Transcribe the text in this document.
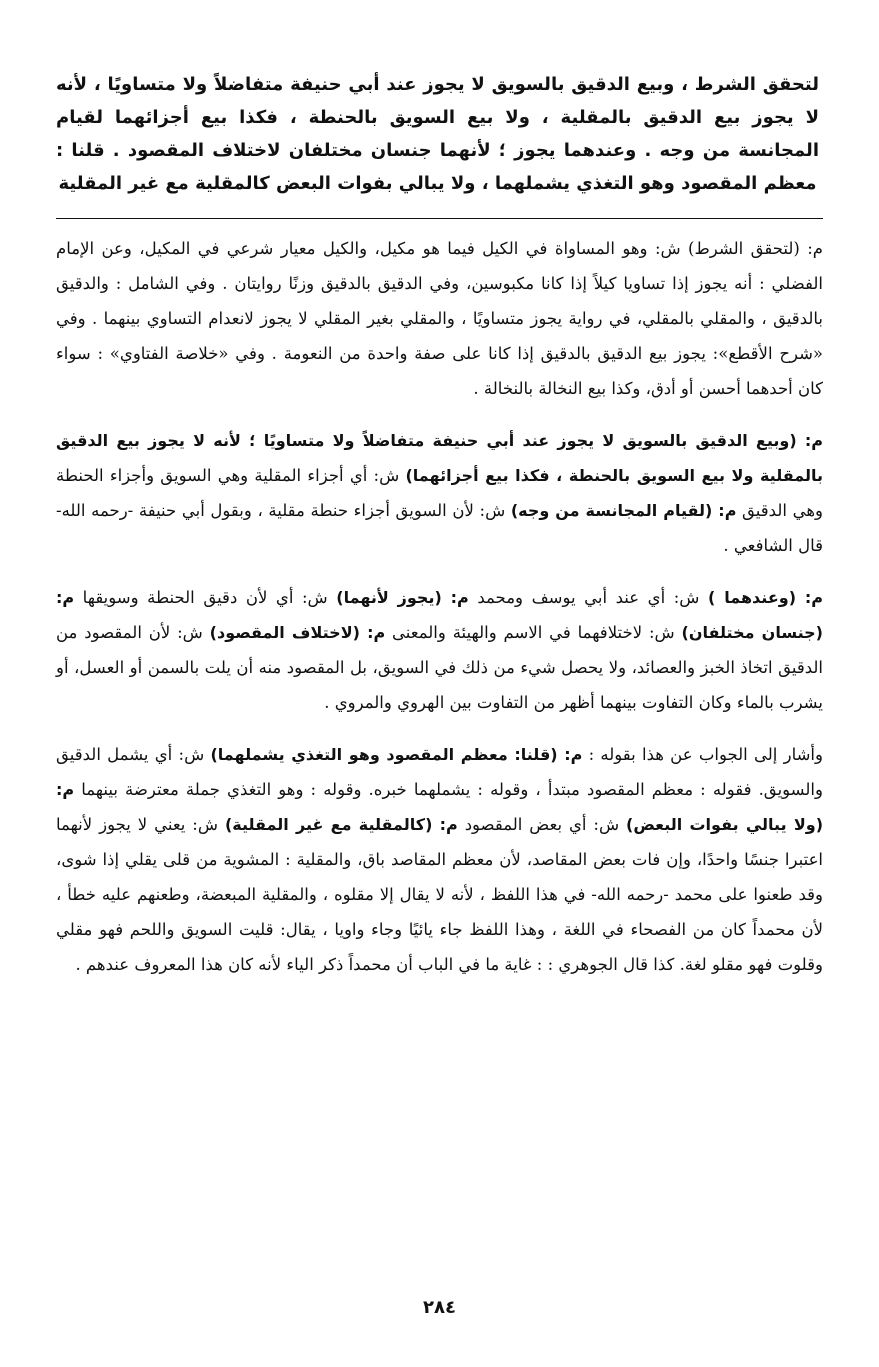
لتحقق الشرط ، وبيع الدقيق بالسويق لا يجوز عند أبي حنيفة متفاضلاً ولا متساويًا ، لأنه لا يجوز بيع الدقيق بالمقلية ، ولا بيع السويق بالحنطة ، فكذا بيع أجزائهما لقيام المجانسة من وجه . وعندهما يجوز ؛ لأنهما جنسان مختلفان لاختلاف المقصود . قلنا : معظم المقصود وهو التغذي يشملهما ، ولا يبالي بفوات البعض كالمقلية مع غير المقلية

م: (لتحقق الشرط) ش: وهو المساواة في الكيل فيما هو مكيل، والكيل معيار شرعي في المكيل، وعن الإمام الفضلي : أنه يجوز إذا تساويا كيلاً إذا كانا مكبوسين، وفي الدقيق بالدقيق وزنًا روايتان . وفي الشامل : والدقيق بالدقيق ، والمقلي بالمقلي، في رواية يجوز متساويًا ، والمقلي بغير المقلي لا يجوز لانعدام التساوي بينهما . وفي «شرح الأقطع»: يجوز بيع الدقيق بالدقيق إذا كانا على صفة واحدة من النعومة . وفي «خلاصة الفتاوي» : سواء كان أحدهما أحسن أو أدق، وكذا بيع النخالة بالنخالة .

م: (وبيع الدقيق بالسويق لا يجوز عند أبي حنيفة متفاضلاً ولا متساويًا ؛ لأنه لا يجوز بيع الدقيق بالمقلية ولا بيع السويق بالحنطة ، فكذا بيع أجزائهما) ش: أي أجزاء المقلية وهي السويق وأجزاء الحنطة وهي الدقيق م: (لقيام المجانسة من وجه) ش: لأن السويق أجزاء حنطة مقلية ، وبقول أبي حنيفة -رحمه الله- قال الشافعي .

م: (وعندهما ) ش: أي عند أبي يوسف ومحمد م: (يجوز لأنهما) ش: أي لأن دقيق الحنطة وسويقها م: (جنسان مختلفان) ش: لاختلافهما في الاسم والهيئة والمعنى م: (لاختلاف المقصود) ش: لأن المقصود من الدقيق اتخاذ الخبز والعصائد، ولا يحصل شيء من ذلك في السويق، بل المقصود منه أن يلت بالسمن أو العسل، أو يشرب بالماء وكان التفاوت بينهما أظهر من التفاوت بين الهروي والمروي .

وأشار إلى الجواب عن هذا بقوله : م: (قلنا: معظم المقصود وهو التغذي يشملهما) ش: أي يشمل الدقيق والسويق. فقوله : معظم المقصود مبتدأ ، وقوله : يشملهما خبره. وقوله : وهو التغذي جملة معترضة بينهما م: (ولا يبالي بفوات البعض) ش: أي بعض المقصود م: (كالمقلية مع غير المقلية) ش: يعني لا يجوز لأنهما اعتبرا جنسًا واحدًا، وإن فات بعض المقاصد، لأن معظم المقاصد باق، والمقلية : المشوية من قلى يقلي إذا شوى، وقد طعنوا على محمد -رحمه الله- في هذا اللفظ ، لأنه لا يقال إلا مقلوه ، والمقلية المبعضة، وطعنهم عليه خطأ ، لأن محمداً كان من الفصحاء في اللغة ، وهذا اللفظ جاء يائيًا وجاء واويا ، يقال: قليت السويق واللحم فهو مقلي وقلوت فهو مقلو لغة. كذا قال الجوهري : : غاية ما في الباب أن محمداً ذكر الياء لأنه كان هذا المعروف عندهم .

٢٨٤
